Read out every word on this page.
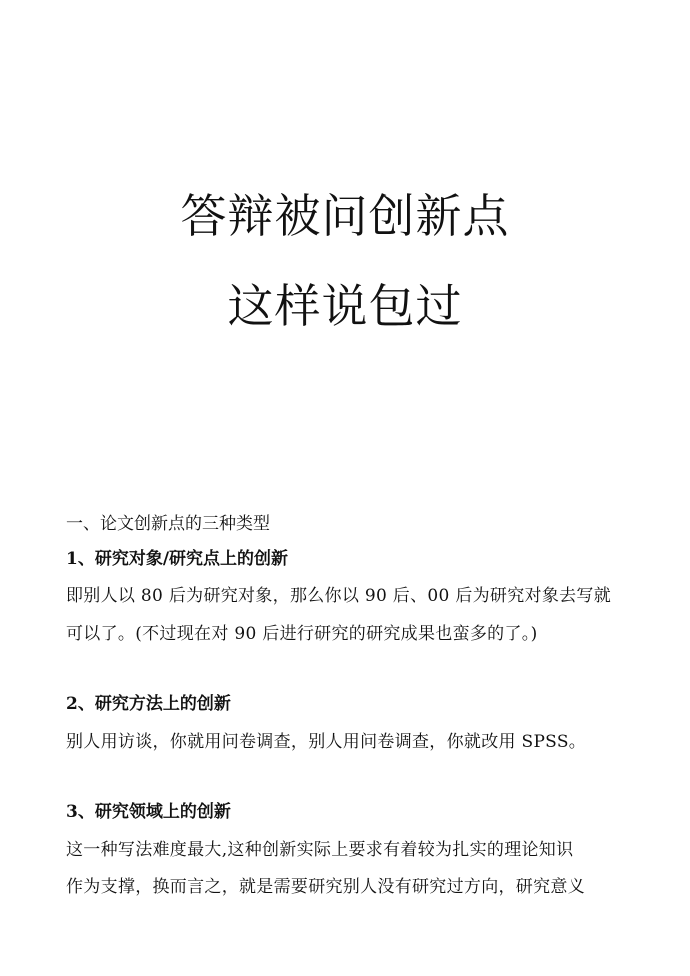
答辩被问创新点
这样说包过
一、论文创新点的三种类型
1、研究对象/研究点上的创新
即别人以 80 后为研究对象，那么你以 90 后、00 后为研究对象去写就
可以了。(不过现在对 90 后进行研究的研究成果也蛮多的了。)
2、研究方法上的创新
别人用访谈，你就用问卷调查，别人用问卷调查，你就改用 SPSS。
3、研究领域上的创新
这一种写法难度最大,这种创新实际上要求有着较为扎实的理论知识
作为支撑，换而言之，就是需要研究别人没有研究过方向，研究意义
